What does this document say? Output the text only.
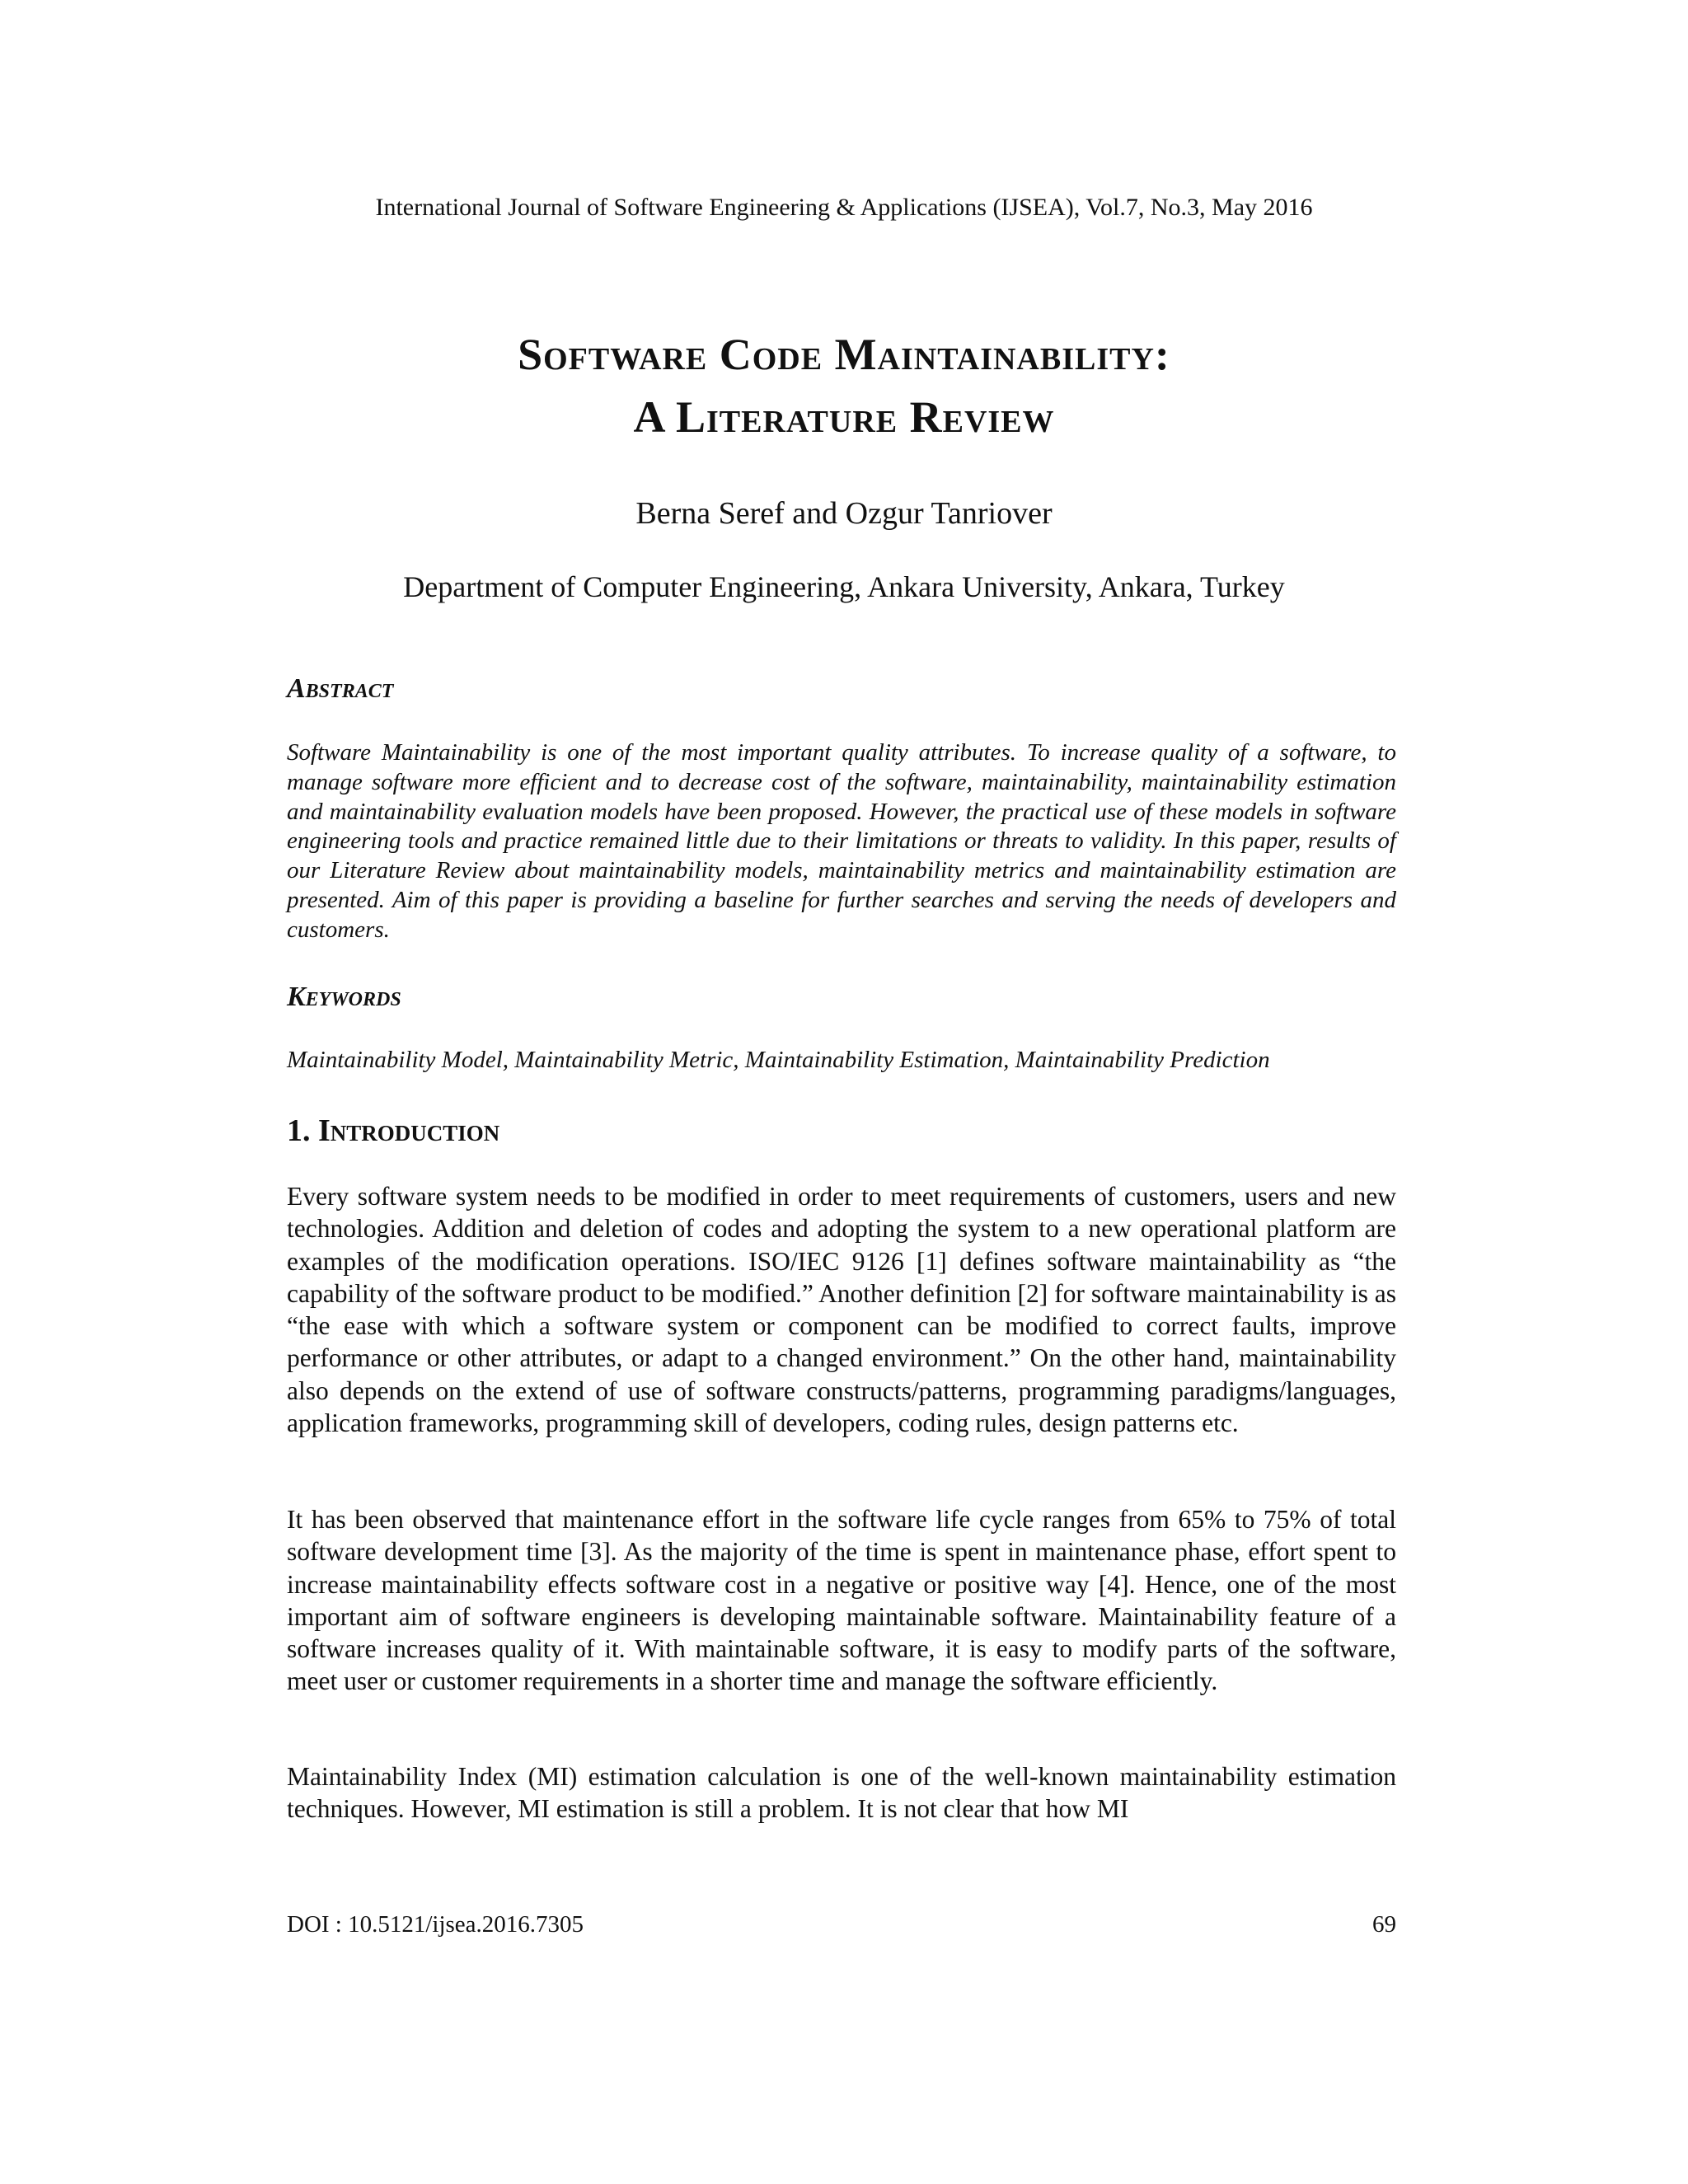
International Journal of Software Engineering & Applications (IJSEA), Vol.7, No.3, May 2016
Software Code Maintainability:
A Literature Review
Berna Seref and Ozgur Tanriover
Department of Computer Engineering, Ankara University, Ankara, Turkey
Abstract
Software Maintainability is one of the most important quality attributes. To increase quality of a software, to manage software more efficient and to decrease cost of the software, maintainability, maintainability estimation and maintainability evaluation models have been proposed. However, the practical use of these models in software engineering tools and practice remained little due to their limitations or threats to validity. In this paper, results of our Literature Review about maintainability models, maintainability metrics and maintainability estimation are presented. Aim of this paper is providing a baseline for further searches and serving the needs of developers and customers.
Keywords
Maintainability Model, Maintainability Metric, Maintainability Estimation, Maintainability Prediction
1. Introduction
Every software system needs to be modified in order to meet requirements of customers, users and new technologies. Addition and deletion of codes and adopting the system to a new operational platform are examples of the modification operations. ISO/IEC 9126 [1] defines software maintainability as “the capability of the software product to be modified.” Another definition [2] for software maintainability is as “the ease with which a software system or component can be modified to correct faults, improve performance or other attributes, or adapt to a changed environment.” On the other hand, maintainability also depends on the extend of use of software constructs/patterns, programming paradigms/languages, application frameworks, programming skill of developers, coding rules, design patterns etc.
It has been observed that maintenance effort in the software life cycle ranges from 65% to 75% of total software development time [3]. As the majority of the time is spent in maintenance phase, effort spent to increase maintainability effects software cost in a negative or positive way [4]. Hence, one of the most important aim of software engineers is developing maintainable software. Maintainability feature of a software increases quality of it. With maintainable software, it is easy to modify parts of the software, meet user or customer requirements in a shorter time and manage the software efficiently.
Maintainability Index (MI) estimation calculation is one of the well-known maintainability estimation techniques. However, MI estimation is still a problem. It is not clear that how MI
DOI : 10.5121/ijsea.2016.7305	69
